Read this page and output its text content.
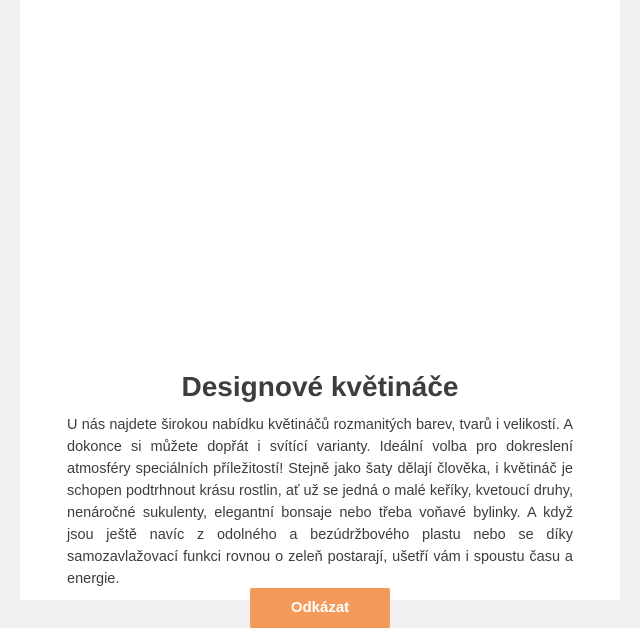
Designové květináče

U nás najdete širokou nabídku květináčů rozmanitých barev, tvarů i velikostí. A dokonce si můžete dopřát i svítící varianty. Ideální volba pro dokreslení atmosféry speciálních příležitostí! Stejně jako šaty dělají člověka, i květináč je schopen podtrhnout krásu rostlin, ať už se jedná o malé keříky, kvetoucí druhy, nenáročné sukulenty, elegantní bonsaje nebo třeba voňavé bylinky. A když jsou ještě navíc z odolného a bezúdržbového plastu nebo se díky samozavlažovací funkci rovnou o zeleň postarají, ušetří vám i spoustu času a energie.

Odkázat
